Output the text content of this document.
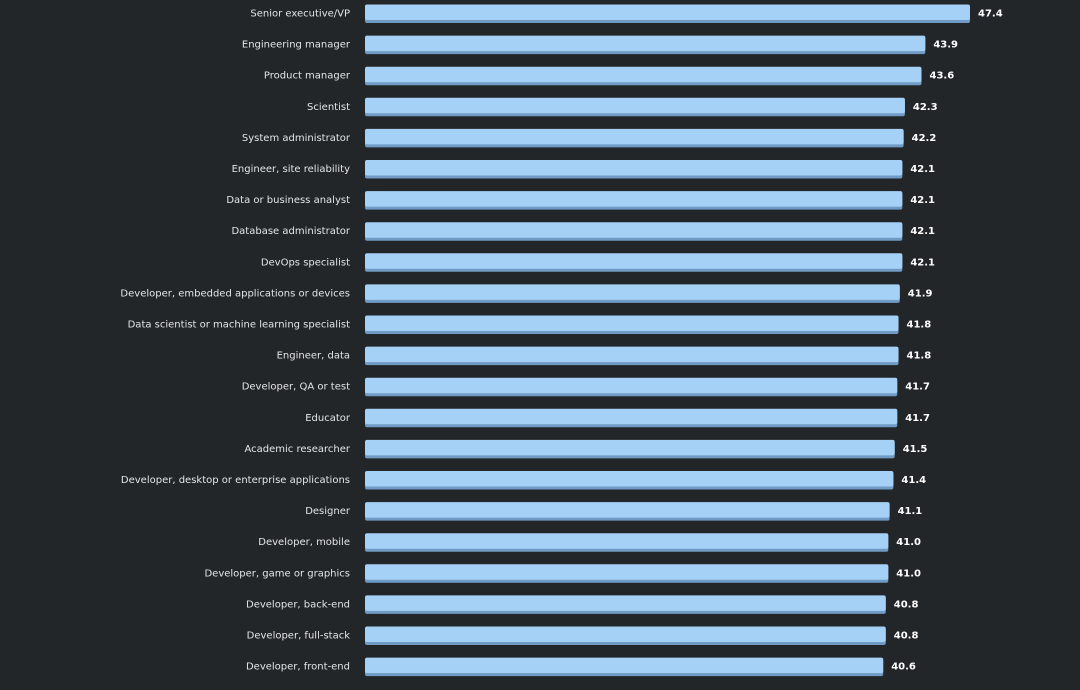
Senior executive/VP	47.4
Engineering manager	43.9
Product manager	43.6
Scientist	42.3
System administrator	42.2
Engineer, site reliability	42.1
Data or business analyst	42.1
Database administrator	42.1
DevOps specialist	42.1
Developer, embedded applications or devices	41.9
Data scientist or machine learning specialist	41.8
Engineer, data	41.8
Developer, QA or test	41.7
Educator	41.7
Academic researcher	41.5
Developer, desktop or enterprise applications	41.4
Designer	41.1
Developer, mobile	41.0
Developer, game or graphics	41.0
Developer, back-end	40.8
Developer, full-stack	40.8
Developer, front-end	40.6
